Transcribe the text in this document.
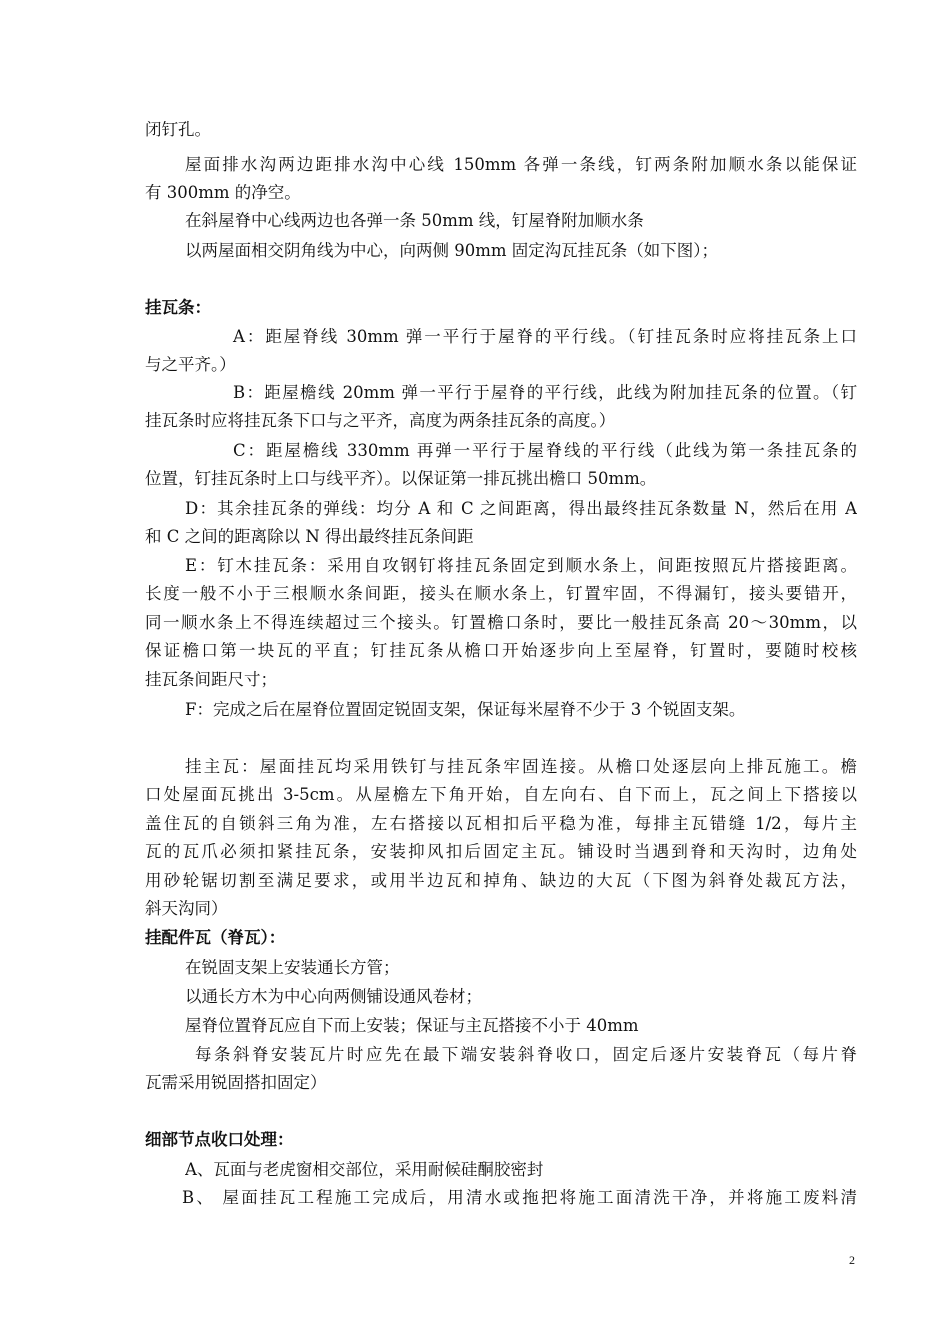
闭钉孔。
屋面排水沟两边距排水沟中心线 150mm 各弹一条线，钉两条附加顺水条以能保证
有 300mm 的净空。
在斜屋脊中心线两边也各弹一条 50mm 线，钉屋脊附加顺水条
以两屋面相交阴角线为中心，向两侧 90mm 固定沟瓦挂瓦条（如下图）；
挂瓦条：
A：距屋脊线 30mm 弹一平行于屋脊的平行线。（钉挂瓦条时应将挂瓦条上口
与之平齐。）
B：距屋檐线 20mm 弹一平行于屋脊的平行线，此线为附加挂瓦条的位置。（钉
挂瓦条时应将挂瓦条下口与之平齐，高度为两条挂瓦条的高度。）
C：距屋檐线 330mm 再弹一平行于屋脊线的平行线（此线为第一条挂瓦条的
位置，钉挂瓦条时上口与线平齐）。以保证第一排瓦挑出檐口 50mm。
D：其余挂瓦条的弹线：均分 A 和 C 之间距离，得出最终挂瓦条数量 N，然后在用 A
和 C 之间的距离除以 N 得出最终挂瓦条间距
E：钉木挂瓦条：采用自攻钢钉将挂瓦条固定到顺水条上，间距按照瓦片搭接距离。
长度一般不小于三根顺水条间距，接头在顺水条上，钉置牢固，不得漏钉，接头要错开，
同一顺水条上不得连续超过三个接头。钉置檐口条时，要比一般挂瓦条高 20～30mm，以
保证檐口第一块瓦的平直；钉挂瓦条从檐口开始逐步向上至屋脊，钉置时，要随时校核
挂瓦条间距尺寸；
F：完成之后在屋脊位置固定锐固支架，保证每米屋脊不少于 3 个锐固支架。
挂主瓦：屋面挂瓦均采用铁钉与挂瓦条牢固连接。从檐口处逐层向上排瓦施工。檐
口处屋面瓦挑出 3-5cm。从屋檐左下角开始，自左向右、自下而上，瓦之间上下搭接以
盖住瓦的自锁斜三角为准，左右搭接以瓦相扣后平稳为准，每排主瓦错缝 1/2，每片主
瓦的瓦爪必须扣紧挂瓦条，安装抑风扣后固定主瓦。铺设时当遇到脊和天沟时，边角处
用砂轮锯切割至满足要求，或用半边瓦和掉角、缺边的大瓦（下图为斜脊处裁瓦方法，
斜天沟同）
挂配件瓦（脊瓦）：
在锐固支架上安装通长方管；
以通长方木为中心向两侧铺设通风卷材；
屋脊位置脊瓦应自下而上安装；保证与主瓦搭接不小于 40mm
每条斜脊安装瓦片时应先在最下端安装斜脊收口，固定后逐片安装脊瓦（每片脊
瓦需采用锐固搭扣固定）
细部节点收口处理：
A、瓦面与老虎窗相交部位，采用耐候硅酮胶密封
B、 屋面挂瓦工程施工完成后，用清水或拖把将施工面清洗干净，并将施工废料清
2
